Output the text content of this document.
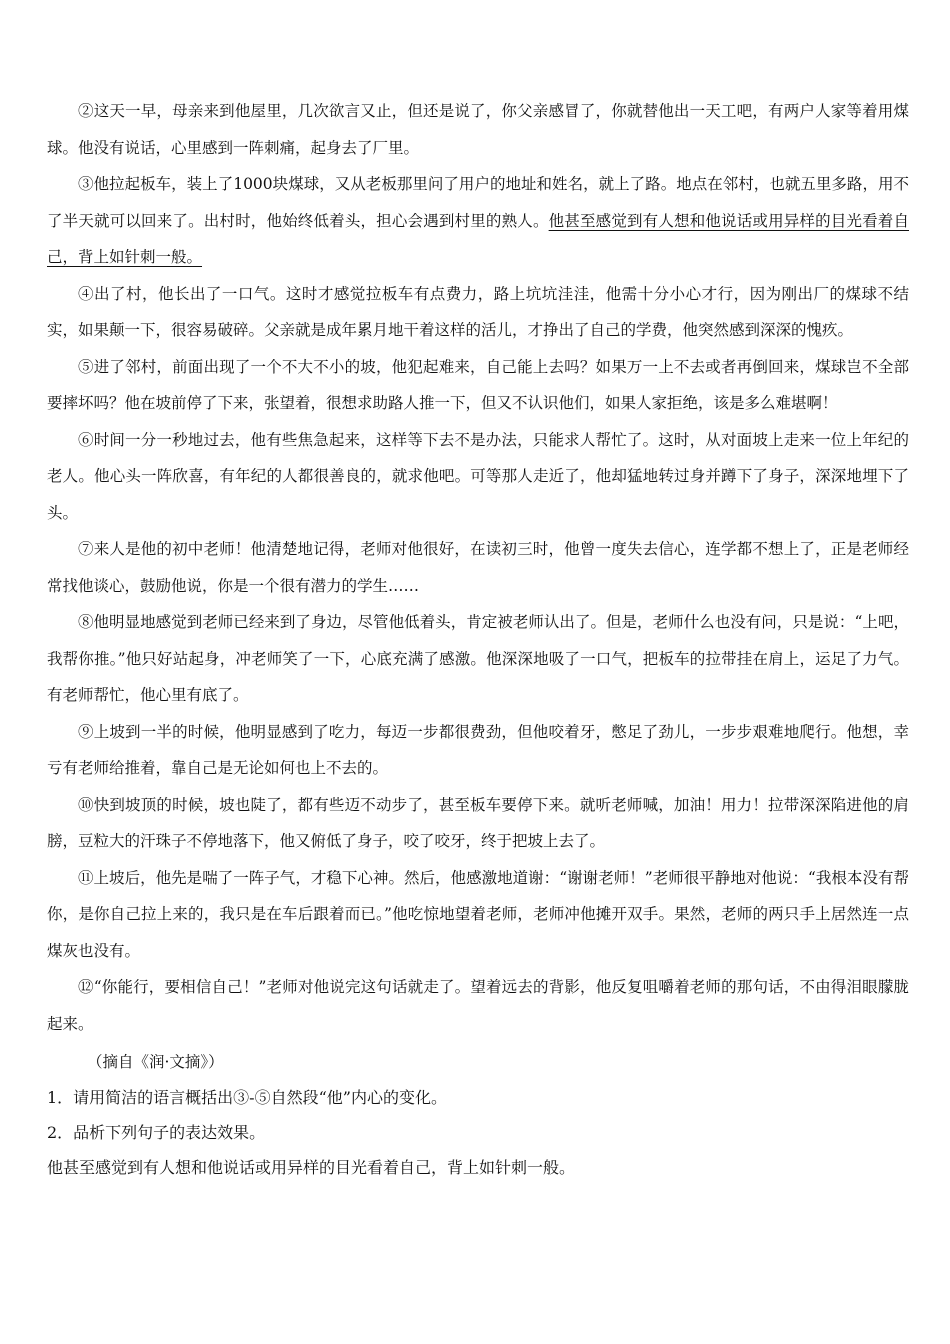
②这天一早，母亲来到他屋里，几次欲言又止，但还是说了，你父亲感冒了，你就替他出一天工吧，有两户人家等着用煤球。他没有说话，心里感到一阵刺痛，起身去了厂里。

③他拉起板车，装上了1000块煤球，又从老板那里问了用户的地址和姓名，就上了路。地点在邻村，也就五里多路，用不了半天就可以回来了。出村时，他始终低着头，担心会遇到村里的熟人。他甚至感觉到有人想和他说话或用异样的目光看着自己，背上如针刺一般。

④出了村，他长出了一口气。这时才感觉拉板车有点费力，路上坑坑洼洼，他需十分小心才行，因为刚出厂的煤球不结实，如果颠一下，很容易破碎。父亲就是成年累月地干着这样的活儿，才挣出了自己的学费，他突然感到深深的愧疚。

⑤进了邻村，前面出现了一个不大不小的坡，他犯起难来，自己能上去吗？如果万一上不去或者再倒回来，煤球岂不全部要摔坏吗？他在坡前停了下来，张望着，很想求助路人推一下，但又不认识他们，如果人家拒绝，该是多么难堪啊！

⑥时间一分一秒地过去，他有些焦急起来，这样等下去不是办法，只能求人帮忙了。这时，从对面坡上走来一位上年纪的老人。他心头一阵欣喜，有年纪的人都很善良的，就求他吧。可等那人走近了，他却猛地转过身并蹲下了身子，深深地埋下了头。

⑦来人是他的初中老师！他清楚地记得，老师对他很好，在读初三时，他曾一度失去信心，连学都不想上了，正是老师经常找他谈心，鼓励他说，你是一个很有潜力的学生……

⑧他明显地感觉到老师已经来到了身边，尽管他低着头，肯定被老师认出了。但是，老师什么也没有问，只是说：“上吧，我帮你推。”他只好站起身，冲老师笑了一下，心底充满了感激。他深深地吸了一口气，把板车的拉带挂在肩上，运足了力气。有老师帮忙，他心里有底了。

⑨上坡到一半的时候，他明显感到了吃力，每迈一步都很费劲，但他咬着牙，憋足了劲儿，一步步艰难地爬行。他想，幸亏有老师给推着，靠自己是无论如何也上不去的。

⑩快到坡顶的时候，坡也陡了，都有些迈不动步了，甚至板车要停下来。就听老师喊，加油！用力！拉带深深陷进他的肩膀，豆粒大的汗珠子不停地落下，他又俯低了身子，咬了咬牙，终于把坡上去了。

⑪上坡后，他先是喘了一阵子气，才稳下心神。然后，他感激地道谢：“谢谢老师！”老师很平静地对他说：“我根本没有帮你，是你自己拉上来的，我只是在车后跟着而已。”他吃惊地望着老师，老师冲他摊开双手。果然，老师的两只手上居然连一点煤灰也没有。

⑫“你能行，要相信自己！”老师对他说完这句话就走了。望着远去的背影，他反复咀嚼着老师的那句话，不由得泪眼朦胧起来。

（摘自《润·文摘》）

1．请用简洁的语言概括出③-⑤自然段“他”内心的变化。

2．品析下列句子的表达效果。

他甚至感觉到有人想和他说话或用异样的目光看着自己，背上如针刺一般。
